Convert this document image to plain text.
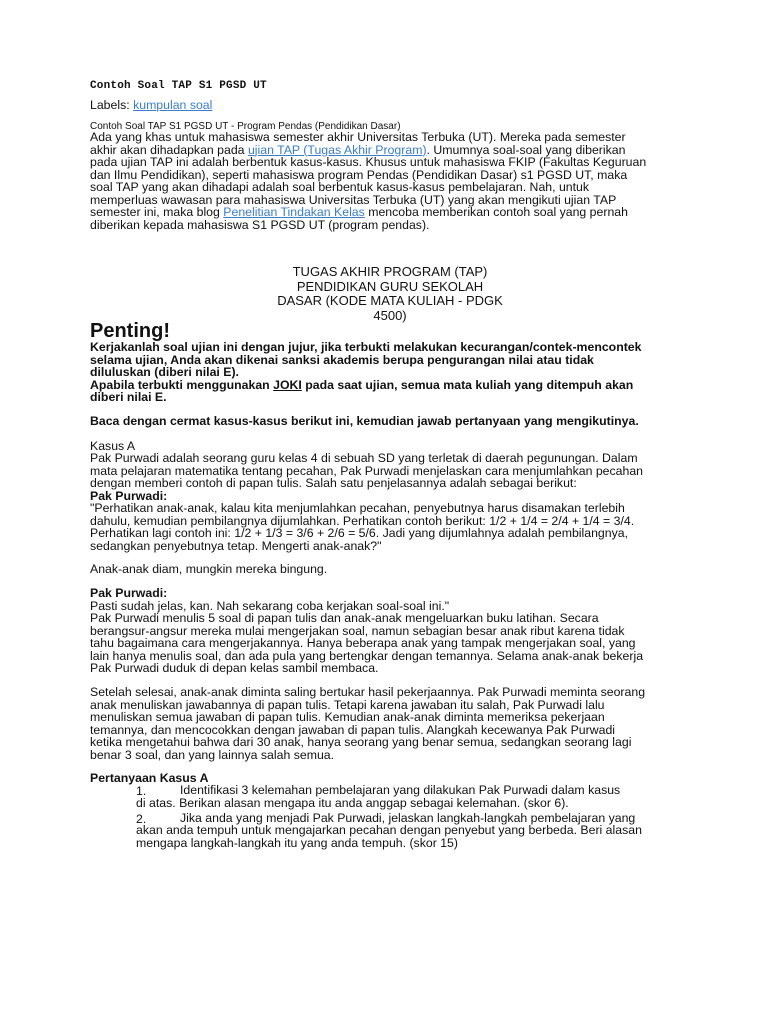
Contoh Soal TAP S1 PGSD UT
Labels: kumpulan soal
Contoh Soal TAP S1 PGSD UT - Program Pendas (Pendidikan Dasar)
Ada yang khas untuk mahasiswa semester akhir Universitas Terbuka (UT). Mereka pada semester
akhir akan dihadapkan pada ujian TAP (Tugas Akhir Program). Umumnya soal-soal yang diberikan
pada ujian TAP ini adalah berbentuk kasus-kasus. Khusus untuk mahasiswa FKIP (Fakultas Keguruan
dan Ilmu Pendidikan), seperti mahasiswa program Pendas (Pendidikan Dasar) s1 PGSD UT, maka
soal TAP yang akan dihadapi adalah soal berbentuk kasus-kasus pembelajaran. Nah, untuk
memperluas wawasan para mahasiswa Universitas Terbuka (UT) yang akan mengikuti ujian TAP
semester ini, maka blog Penelitian Tindakan Kelas mencoba memberikan contoh soal yang pernah
diberikan kepada mahasiswa S1 PGSD UT (program pendas).
TUGAS AKHIR PROGRAM (TAP)
PENDIDIKAN GURU SEKOLAH
DASAR (KODE MATA KULIAH - PDGK
4500)
Penting!
Kerjakanlah soal ujian ini dengan jujur, jika terbukti melakukan kecurangan/contek-mencontek
selama ujian, Anda akan dikenai sanksi akademis berupa pengurangan nilai atau tidak
diluluskan (diberi nilai E).
Apabila terbukti menggunakan JOKI pada saat ujian, semua mata kuliah yang ditempuh akan
diberi nilai E.
Baca dengan cermat kasus-kasus berikut ini, kemudian jawab pertanyaan yang mengikutinya.
Kasus A
Pak Purwadi adalah seorang guru kelas 4 di sebuah SD yang terletak di daerah pegunungan. Dalam
mata pelajaran matematika tentang pecahan, Pak Purwadi menjelaskan cara menjumlahkan pecahan
dengan memberi contoh di papan tulis. Salah satu penjelasannya adalah sebagai berikut:
Pak Purwadi:
"Perhatikan anak-anak, kalau kita menjumlahkan pecahan, penyebutnya harus disamakan terlebih
dahulu, kemudian pembilangnya dijumlahkan. Perhatikan contoh berikut: 1/2 + 1/4 = 2/4 + 1/4 = 3/4.
Perhatikan lagi contoh ini: 1/2 + 1/3 = 3/6 + 2/6 = 5/6. Jadi yang dijumlahnya adalah pembilangnya,
sedangkan penyebutnya tetap. Mengerti anak-anak?"
Anak-anak diam, mungkin mereka bingung.
Pak Purwadi:
Pasti sudah jelas, kan. Nah sekarang coba kerjakan soal-soal ini."
Pak Purwadi menulis 5 soal di papan tulis dan anak-anak mengeluarkan buku latihan. Secara
berangsur-angsur mereka mulai mengerjakan soal, namun sebagian besar anak ribut karena tidak
tahu bagaimana cara mengerjakannya. Hanya beberapa anak yang tampak mengerjakan soal, yang
lain hanya menulis soal, dan ada pula yang bertengkar dengan temannya. Selama anak-anak bekerja
Pak Purwadi duduk di depan kelas sambil membaca.
Setelah selesai, anak-anak diminta saling bertukar hasil pekerjaannya. Pak Purwadi meminta seorang
anak menuliskan jawabannya di papan tulis. Tetapi karena jawaban itu salah, Pak Purwadi lalu
menuliskan semua jawaban di papan tulis. Kemudian anak-anak diminta memeriksa pekerjaan
temannya, dan mencocokkan dengan jawaban di papan tulis. Alangkah kecewanya Pak Purwadi
ketika mengetahui bahwa dari 30 anak, hanya seorang yang benar semua, sedangkan seorang lagi
benar 3 soal, dan yang lainnya salah semua.
Pertanyaan Kasus A
1.	Identifikasi 3 kelemahan pembelajaran yang dilakukan Pak Purwadi dalam kasus
di atas. Berikan alasan mengapa itu anda anggap sebagai kelemahan. (skor 6).
2.	Jika anda yang menjadi Pak Purwadi, jelaskan langkah-langkah pembelajaran yang
akan anda tempuh untuk mengajarkan pecahan dengan penyebut yang berbeda. Beri alasan
mengapa langkah-langkah itu yang anda tempuh. (skor 15)
